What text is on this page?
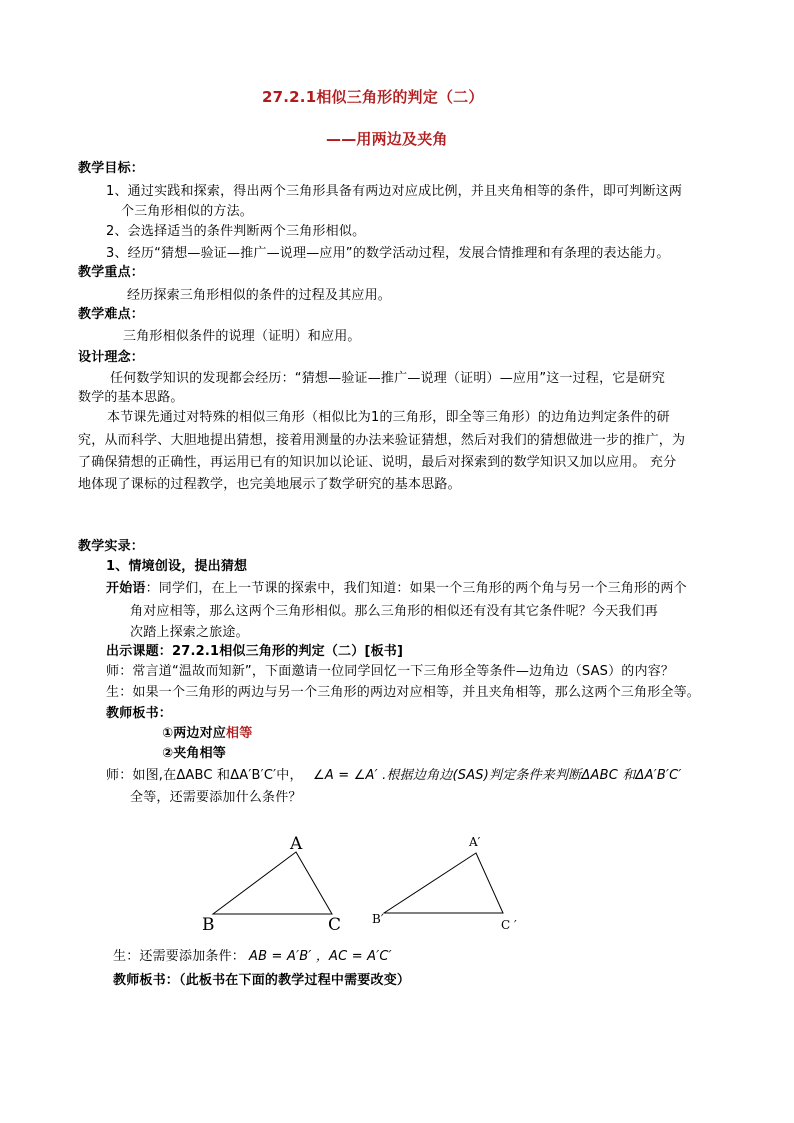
27.2.1相似三角形的判定（二）
——用两边及夹角
教学目标：
1、通过实践和探索，得出两个三角形具备有两边对应成比例，并且夹角相等的条件，即可判断这两
个三角形相似的方法。
2、会选择适当的条件判断两个三角形相似。
3、经历“猜想—验证—推广—说理—应用”的数学活动过程，发展合情推理和有条理的表达能力。
教学重点：
经历探索三角形相似的条件的过程及其应用。
教学难点：
三角形相似条件的说理（证明）和应用。
设计理念：
任何数学知识的发现都会经历：“猜想—验证—推广—说理（证明）—应用”这一过程，它是研究
数学的基本思路。
本节课先通过对特殊的相似三角形（相似比为1的三角形，即全等三角形）的边角边判定条件的研
究，从而科学、大胆地提出猜想，接着用测量的办法来验证猜想，然后对我们的猜想做进一步的推广，为
了确保猜想的正确性，再运用已有的知识加以论证、说明，最后对探索到的数学知识又加以应用。 充分
地体现了课标的过程教学，也完美地展示了数学研究的基本思路。
教学实录：
1、情境创设，提出猜想
开始语：同学们，在上一节课的探索中，我们知道：如果一个三角形的两个角与另一个三角形的两个
角对应相等，那么这两个三角形相似。那么三角形的相似还有没有其它条件呢？今天我们再
次踏上探索之旅途。
出示课题：27.2.1相似三角形的判定（二）[板书]
师：常言道“温故而知新”，下面邀请一位同学回忆一下三角形全等条件—边角边（SAS）的内容？
生：如果一个三角形的两边与另一个三角形的两边对应相等，并且夹角相等，那么这两个三角形全等。
教师板书：
①两边对应相等
②夹角相等
师：如图,在ΔABC 和ΔA′B′C′中， ∠A = ∠A′ .根据边角边(SAS)判定条件来判断ΔABC 和ΔA′B′C′
全等，还需要添加什么条件？
A
B	C
A′
B′	C ′
生：还需要添加条件： AB = A′B′ ，AC = A′C′
教师板书：（此板书在下面的教学过程中需要改变）
